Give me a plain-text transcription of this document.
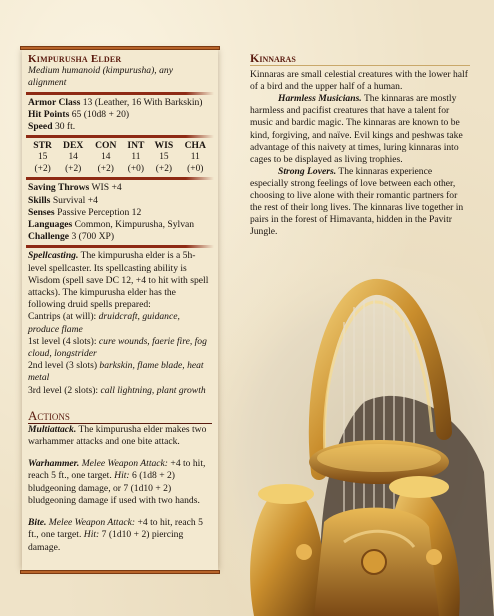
Kimpurusha Elder
Medium humanoid (kimpurusha), any alignment
Armor Class 13 (Leather, 16 With Barkskin)
Hit Points 65 (10d8 + 20)
Speed 30 ft.
STR	DEX	CON	INT	WIS	CHA
15	14	14	11	15	11
(+2)	(+2)	(+2)	(+0)	(+2)	(+0)
Saving Throws WIS +4
Skills Survival +4
Senses Passive Perception 12
Languages Common, Kimpurusha, Sylvan
Challenge 3 (700 XP)

Spellcasting. The kimpurusha elder is a 5h-level spellcaster. Its spellcasting ability is Wisdom (spell save DC 12, +4 to hit with spell attacks). The kimpurusha elder has the following druid spells prepared:

Cantrips (at will): druidcraft, guidance, produce flame
1st level (4 slots): cure wounds, faerie fire, fog cloud, longstrider
2nd level (3 slots) barkskin, flame blade, heat metal
3rd level (2 slots): call lightning, plant growth
Actions

Multiattack. The kimpurusha elder makes two warhammer attacks and one bite attack.

Warhammer. Melee Weapon Attack: +4 to hit, reach 5 ft., one target. Hit: 6 (1d8 + 2) bludgeoning damage, or 7 (1d10 + 2) bludgeoning damage if used with two hands.

Bite. Melee Weapon Attack: +4 to hit, reach 5 ft., one target. Hit: 7 (1d10 + 2) piercing damage.

Kinnaras

Kinnaras are small celestial creatures with the lower half of a bird and the upper half of a human.

Harmless Musicians. The kinnaras are mostly harmless and pacifist creatures that have a talent for music and bardic magic. The kinnaras are known to be kind, forgiving, and naïve. Evil kings and peshwas take advantage of this naivety at times, luring kinnaras into cages to be displayed as living trophies.

Strong Lovers. The kinnaras experience especially strong feelings of love between each other, choosing to live alone with their romantic partners for the rest of their long lives. The kinnaras live together in pairs in the forest of Himavanta, hidden in the Pavitr Jungle.
